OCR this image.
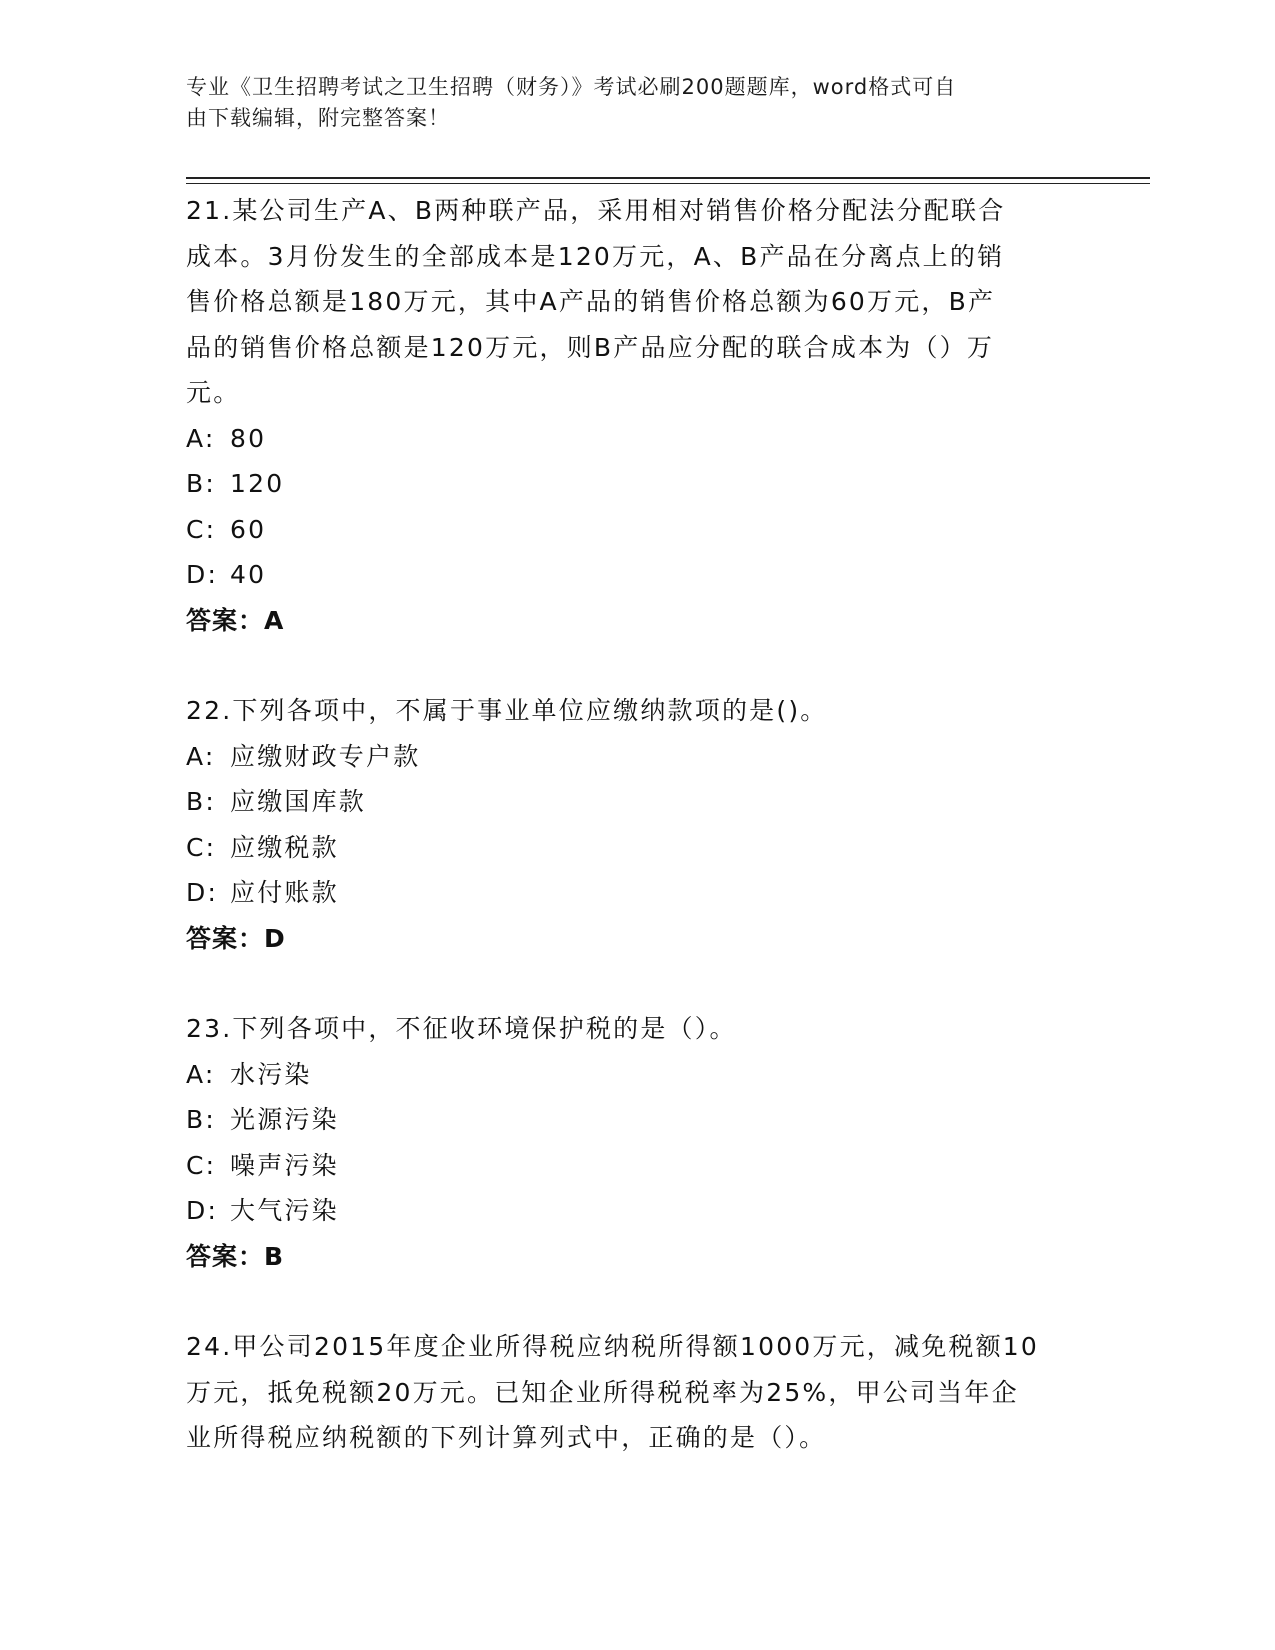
专业《卫生招聘考试之卫生招聘（财务）》考试必刷200题题库，word格式可自
由下载编辑，附完整答案！

21.某公司生产A、B两种联产品，采用相对销售价格分配法分配联合

成本。3月份发生的全部成本是120万元，A、B产品在分离点上的销

售价格总额是180万元，其中A产品的销售价格总额为60万元，B产

品的销售价格总额是120万元，则B产品应分配的联合成本为（）万

元。

A: 80

B: 120

C: 60

D: 40

答案：A

22.下列各项中，不属于事业单位应缴纳款项的是()。

A: 应缴财政专户款

B: 应缴国库款

C: 应缴税款

D: 应付账款

答案：D

23.下列各项中，不征收环境保护税的是（）。

A: 水污染

B: 光源污染

C: 噪声污染

D: 大气污染

答案：B

24.甲公司2015年度企业所得税应纳税所得额1000万元，减免税额10

万元，抵免税额20万元。已知企业所得税税率为25%，甲公司当年企

业所得税应纳税额的下列计算列式中，正确的是（）。
